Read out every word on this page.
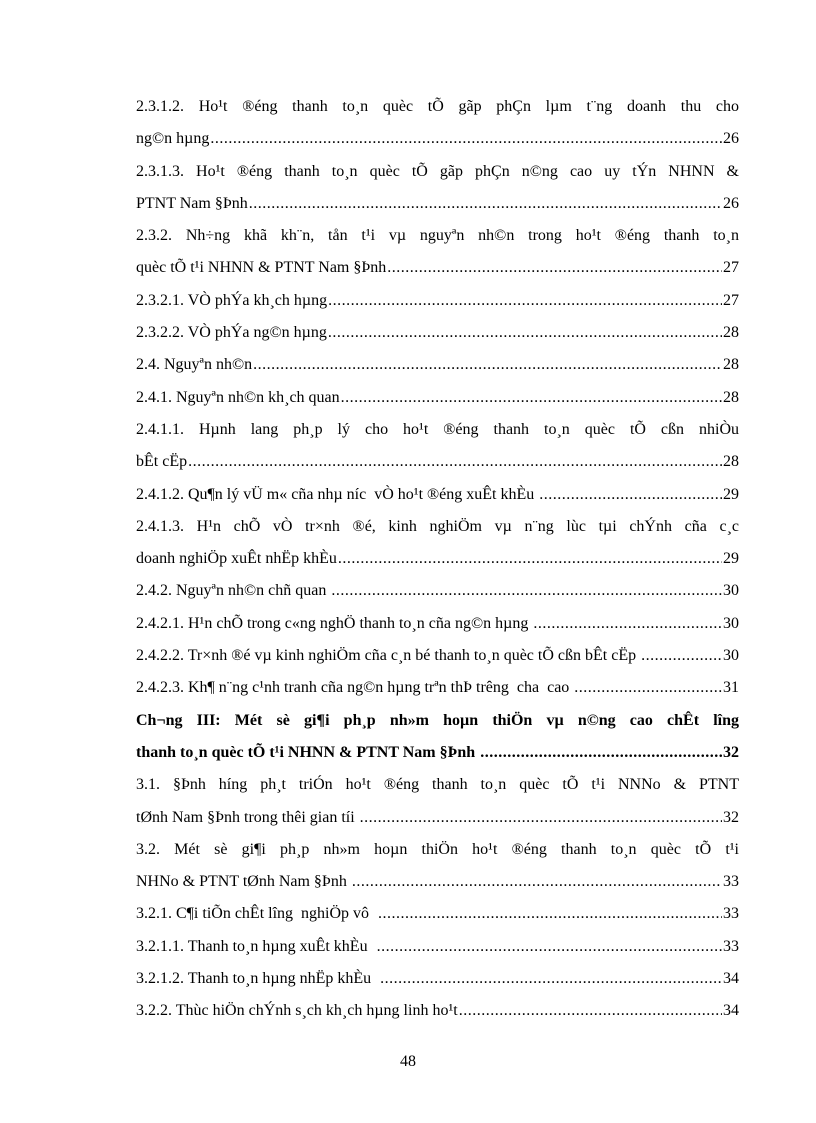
2.3.1.2. Ho¹t ®éng thanh to¸n quèc tÕ gãp phÇn lµm t¨ng doanh thu cho
ng©n hµng .....	26
2.3.1.3. Ho¹t ®éng thanh to¸n quèc tÕ gãp phÇn n©ng cao uy tÝn NHNN &
PTNT Nam §Þnh .....	26
2.3.2. Nh÷ng khã kh¨n, tån t¹i vµ nguyªn nh©n trong ho¹t ®éng thanh to¸n
quèc tÕ t¹i NHNN & PTNT Nam §Þnh .....	27
2.3.2.1. VÒ phÝa kh¸ch hµng .....	27
2.3.2.2. VÒ phÝa ng©n hµng .....	28
2.4. Nguyªn nh©n .....	28
2.4.1. Nguyªn nh©n kh¸ch quan .....	28
2.4.1.1. Hµnh lang ph¸p lý cho ho¹t ®éng thanh to¸n quèc tÕ cßn nhiÒu
bÊt cËp .....	28
2.4.1.2. Qu¶n lý vÜ m« cña nhµ níc  vÒ ho¹t ®éng xuÊt khÈu .....	29
2.4.1.3. H¹n chÕ vÒ tr×nh ®é, kinh nghiÖm vµ n¨ng lùc tµi chÝnh cña c¸c
doanh nghiÖp xuÊt nhËp khÈu .....	29
2.4.2. Nguyªn nh©n chñ quan .....	30
2.4.2.1. H¹n chÕ trong c«ng nghÖ thanh to¸n cña ng©n hµng .....	30
2.4.2.2. Tr×nh ®é vµ kinh nghiÖm cña c¸n bé thanh to¸n quèc tÕ cßn bÊt cËp .....	30
2.4.2.3. Kh¶ n¨ng c¹nh tranh cña ng©n hµng trªn thÞ trêng  cha  cao .....	31
Ch¬ng III: Mét sè gi¶i ph¸p nh»m hoµn thiÖn vµ n©ng cao chÊt lîng
thanh to¸n quèc tÕ t¹i NHNN & PTNT Nam §Þnh .....	32
3.1. §Þnh híng ph¸t triÓn ho¹t ®éng thanh to¸n quèc tÕ t¹i NNNo & PTNT
tØnh Nam §Þnh trong thêi gian tíi .....	32
3.2. Mét sè gi¶i ph¸p nh»m hoµn thiÖn ho¹t ®éng thanh to¸n quèc tÕ t¹i
NHNo & PTNT tØnh Nam §Þnh .....	33
3.2.1. C¶i tiÕn chÊt lîng  nghiÖp vô .....	33
3.2.1.1. Thanh to¸n hµng xuÊt khÈu .....	33
3.2.1.2. Thanh to¸n hµng nhËp khÈu .....	34
3.2.2. Thùc hiÖn chÝnh s¸ch kh¸ch hµng linh ho¹t .....	34
48
